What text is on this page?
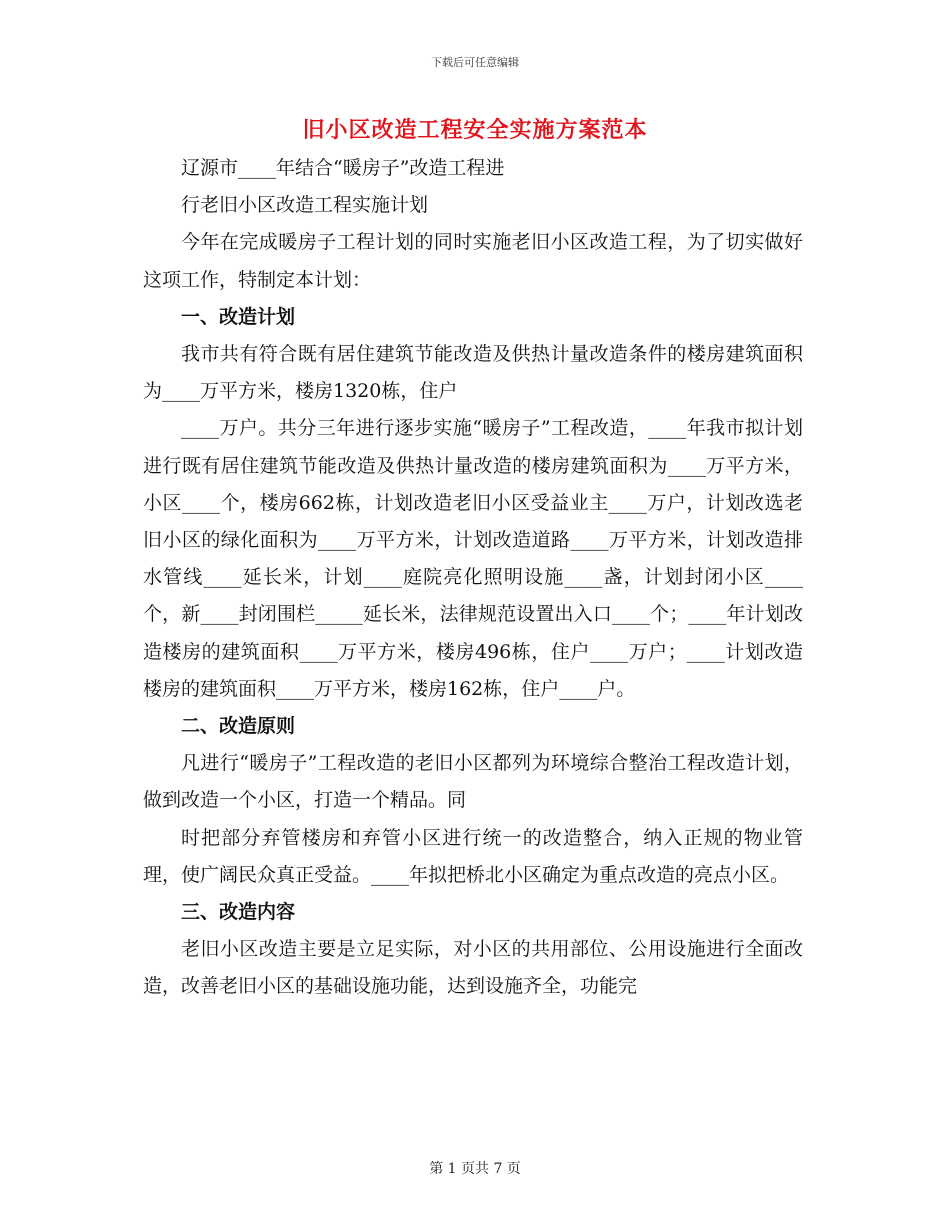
下载后可任意编辑
旧小区改造工程安全实施方案范本

辽源市____年结合“暖房子”改造工程进

行老旧小区改造工程实施计划

今年在完成暖房子工程计划的同时实施老旧小区改造工程，为了切实做好这项工作，特制定本计划：

一、改造计划

我市共有符合既有居住建筑节能改造及供热计量改造条件的楼房建筑面积为____万平方米，楼房1320栋，住户

____万户。共分三年进行逐步实施“暖房子”工程改造，____年我市拟计划进行既有居住建筑节能改造及供热计量改造的楼房建筑面积为____万平方米，小区____个，楼房662栋，计划改造老旧小区受益业主____万户，计划改选老旧小区的绿化面积为____万平方米，计划改造道路____万平方米，计划改造排水管线____延长米，计划____庭院亮化照明设施____盏，计划封闭小区____个，新____封闭围栏_____延长米，法律规范设置出入口____个；____年计划改造楼房的建筑面积____万平方米，楼房496栋，住户____万户；____计划改造楼房的建筑面积____万平方米，楼房162栋，住户____户。

二、改造原则

凡进行“暖房子”工程改造的老旧小区都列为环境综合整治工程改造计划，做到改造一个小区，打造一个精品。同

时把部分弃管楼房和弃管小区进行统一的改造整合，纳入正规的物业管理，使广阔民众真正受益。____年拟把桥北小区确定为重点改造的亮点小区。

三、改造内容

老旧小区改造主要是立足实际，对小区的共用部位、公用设施进行全面改造，改善老旧小区的基础设施功能，达到设施齐全，功能完

第 1 页共 7 页
